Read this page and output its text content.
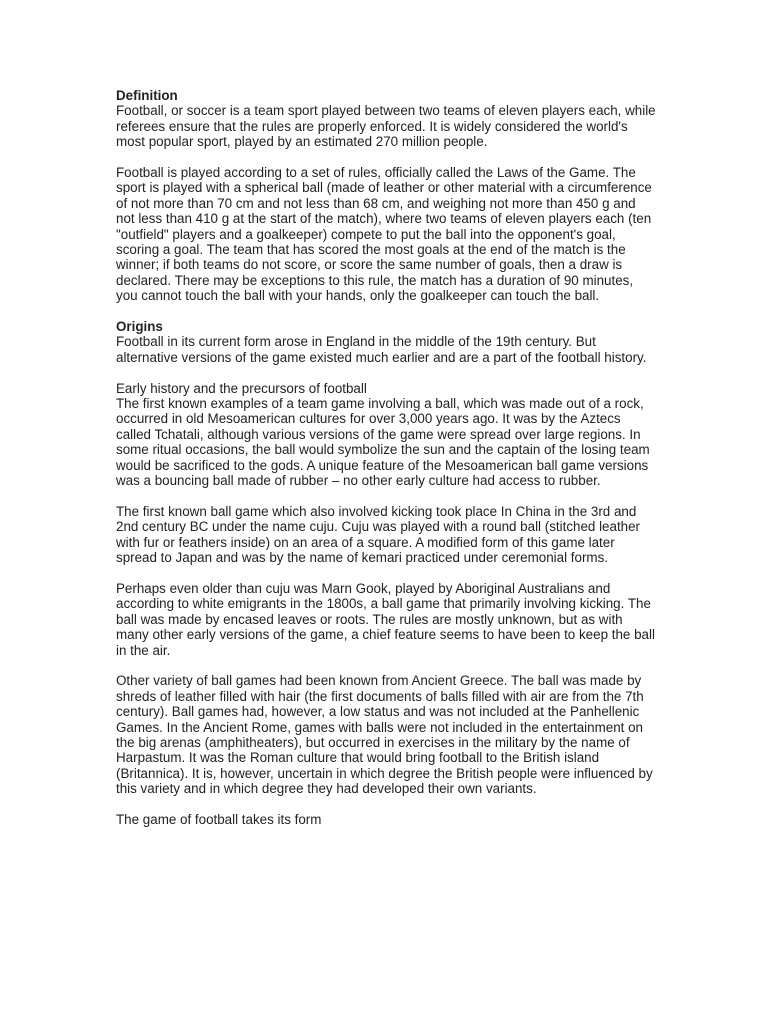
Definition

Football, or soccer is a team sport played between two teams of eleven players each, while referees ensure that the rules are properly enforced. It is widely considered the world's most popular sport, played by an estimated 270 million people.

Football is played according to a set of rules, officially called the Laws of the Game. The sport is played with a spherical ball (made of leather or other material with a circumference of not more than 70 cm and not less than 68 cm, and weighing not more than 450 g and not less than 410 g at the start of the match), where two teams of eleven players each (ten "outfield" players and a goalkeeper) compete to put the ball into the opponent's goal, scoring a goal. The team that has scored the most goals at the end of the match is the winner; if both teams do not score, or score the same number of goals, then a draw is declared. There may be exceptions to this rule, the match has a duration of 90 minutes, you cannot touch the ball with your hands, only the goalkeeper can touch the ball.

Origins

Football in its current form arose in England in the middle of the 19th century. But alternative versions of the game existed much earlier and are a part of the football history.

Early history and the precursors of football

The first known examples of a team game involving a ball, which was made out of a rock, occurred in old Mesoamerican cultures for over 3,000 years ago. It was by the Aztecs called Tchatali, although various versions of the game were spread over large regions. In some ritual occasions, the ball would symbolize the sun and the captain of the losing team would be sacrificed to the gods. A unique feature of the Mesoamerican ball game versions was a bouncing ball made of rubber – no other early culture had access to rubber.

The first known ball game which also involved kicking took place In China in the 3rd and 2nd century BC under the name cuju. Cuju was played with a round ball (stitched leather with fur or feathers inside) on an area of a square. A modified form of this game later spread to Japan and was by the name of kemari practiced under ceremonial forms.

Perhaps even older than cuju was Marn Gook, played by Aboriginal Australians and according to white emigrants in the 1800s, a ball game that primarily involving kicking. The ball was made by encased leaves or roots. The rules are mostly unknown, but as with many other early versions of the game, a chief feature seems to have been to keep the ball in the air.

Other variety of ball games had been known from Ancient Greece. The ball was made by shreds of leather filled with hair (the first documents of balls filled with air are from the 7th century). Ball games had, however, a low status and was not included at the Panhellenic Games. In the Ancient Rome, games with balls were not included in the entertainment on the big arenas (amphitheaters), but occurred in exercises in the military by the name of Harpastum. It was the Roman culture that would bring football to the British island (Britannica). It is, however, uncertain in which degree the British people were influenced by this variety and in which degree they had developed their own variants.

The game of football takes its form
